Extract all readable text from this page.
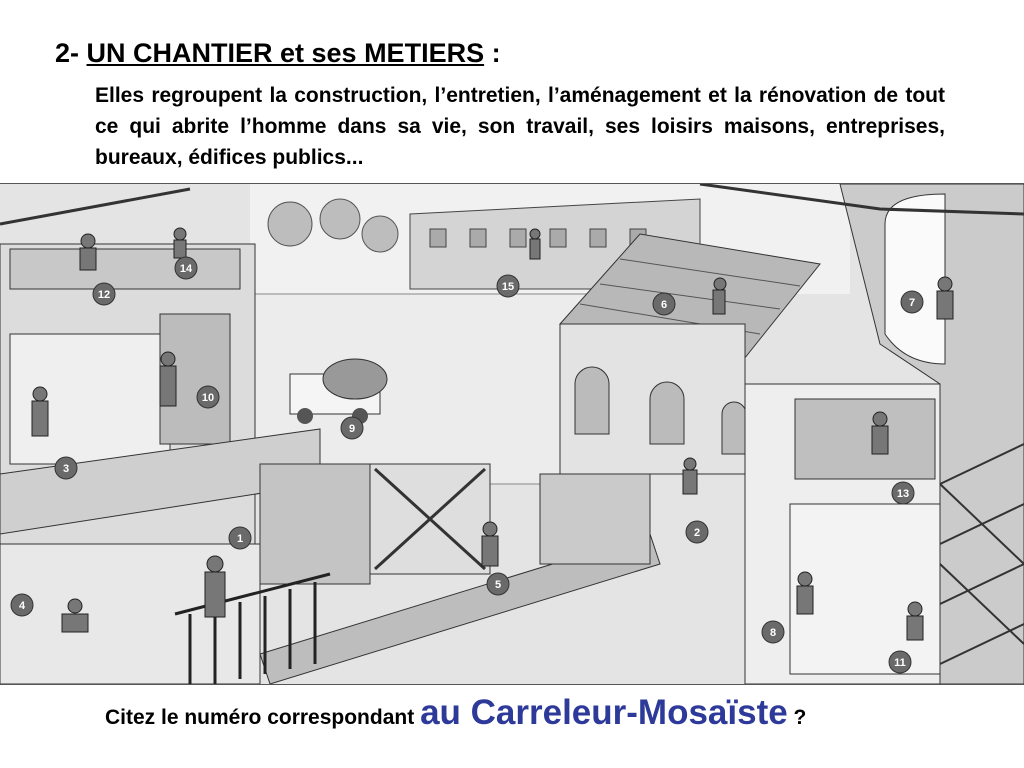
2- UN CHANTIER et ses METIERS :
Elles regroupent la construction, l’entretien, l’aménagement et la rénovation de tout ce qui abrite l’homme dans sa vie, son travail, ses loisirs maisons, entreprises, bureaux, édifices publics...
1	2
3
4
5
6	7
8
9
10
11
12
13
14
15
Citez le numéro correspondant au Carreleur-Mosaïste ?
